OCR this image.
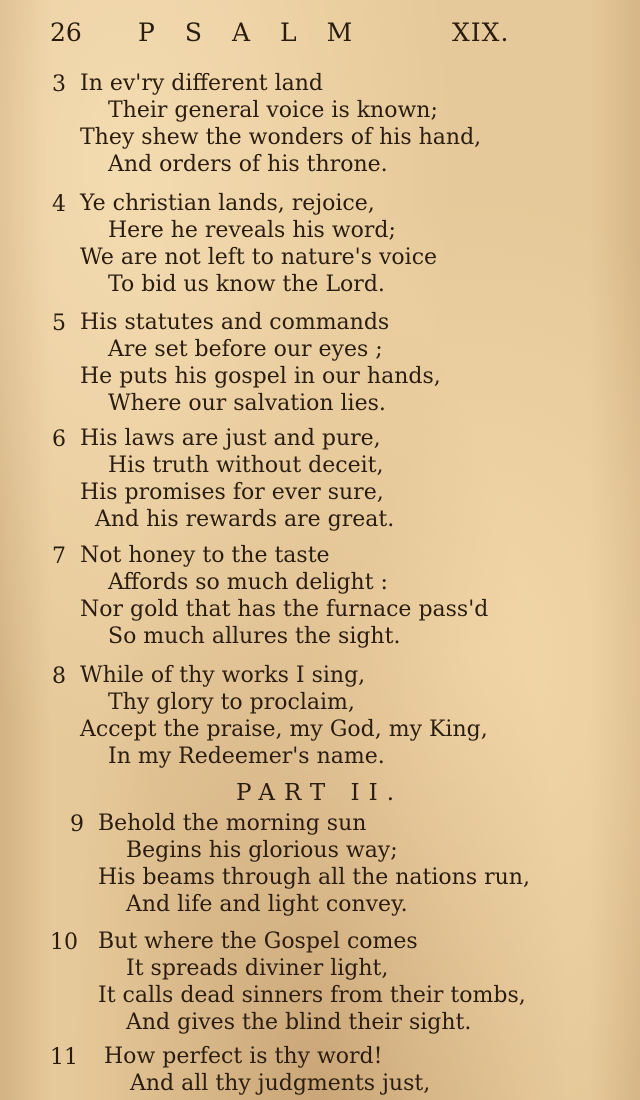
26 PSALM	XIX.
3 In ev'ry different land
Their general voice is known;
They shew the wonders of his hand,
And orders of his throne.
4 Ye christian lands, rejoice,
Here he reveals his word;
We are not left to nature's voice
To bid us know the Lord.
5 His statutes and commands
Are set before our eyes ;
He puts his gospel in our hands,
Where our salvation lies.
6 His laws are just and pure,
His truth without deceit,
His promises for ever sure,
And his rewards are great.
7 Not honey to the taste
Affords so much delight :
Nor gold that has the furnace pass'd
So much allures the sight.
8 While of thy works I sing,
Thy glory to proclaim,
Accept the praise, my God, my King,
In my Redeemer's name.
PART II.
9 Behold the morning sun
Begins his glorious way;
His beams through all the nations run,
And life and light convey.
10 But where the Gospel comes
It spreads diviner light,
It calls dead sinners from their tombs,
And gives the blind their sight.
11 How perfect is thy word!
And all thy judgments just,
